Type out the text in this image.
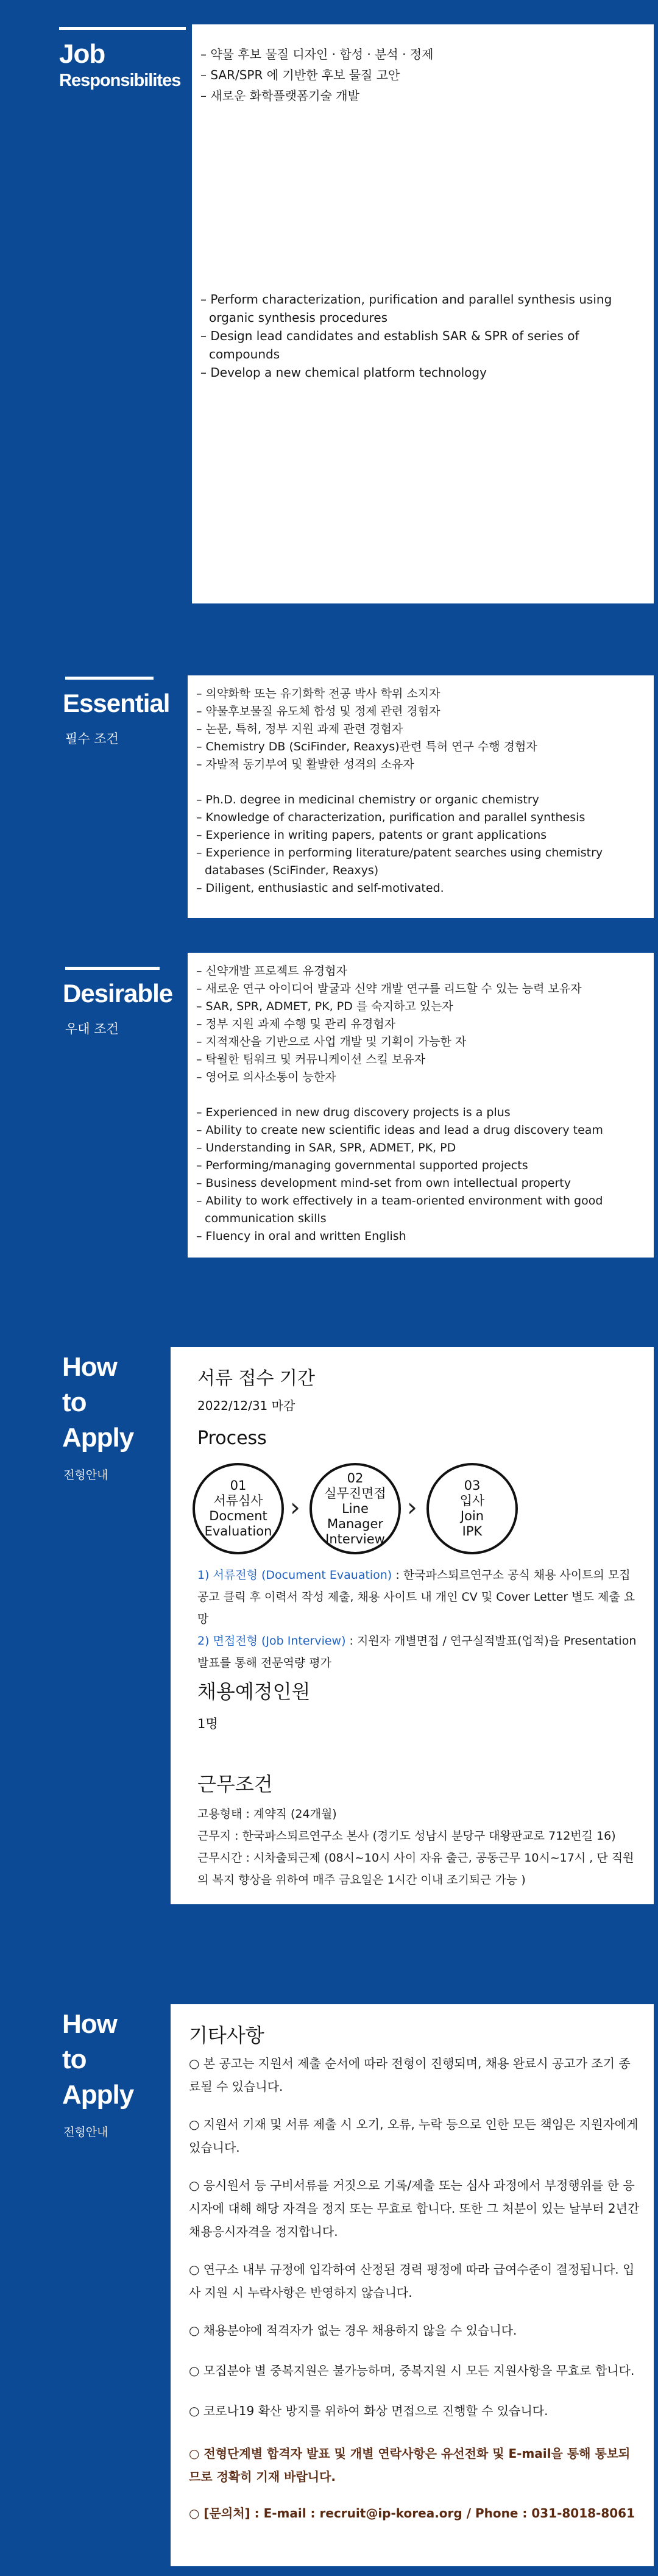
Job
Responsibilites
– 약물 후보 물질 디자인 · 합성 · 분석 · 정제
– SAR/SPR 에 기반한 후보 물질 고안
– 새로운 화학플랫폼기술 개발
– Perform characterization, purification and parallel synthesis using organic synthesis procedures
– Design lead candidates and establish SAR & SPR of series of compounds
– Develop a new chemical platform technology
Essential
필수 조건
– 의약화학 또는 유기화학 전공 박사 학위 소지자
– 약물후보물질 유도체 합성 및 정제 관련 경험자
– 논문, 특허, 정부 지원 과제 관련 경험자
– Chemistry DB (SciFinder, Reaxys)관련 특허 연구 수행 경험자
– 자발적 동기부여 및 활발한 성격의 소유자
– Ph.D. degree in medicinal chemistry or organic chemistry
– Knowledge of characterization, purification and parallel synthesis
– Experience in writing papers, patents or grant applications
– Experience in performing literature/patent searches using chemistry databases (SciFinder, Reaxys)
– Diligent, enthusiastic and self-motivated.
Desirable
우대 조건
– 신약개발 프로젝트 유경험자
– 새로운 연구 아이디어 발굴과 신약 개발 연구를 리드할 수 있는 능력 보유자
– SAR, SPR, ADMET, PK, PD 를 숙지하고 있는자
– 정부 지원 과제 수행 및 관리 유경험자
– 지적재산을 기반으로 사업 개발 및 기획이 가능한 자
– 탁월한 팀워크 및 커뮤니케이션 스킬 보유자
– 영어로 의사소통이 능한자
– Experienced in new drug discovery projects is a plus
– Ability to create new scientific ideas and lead a drug discovery team
– Understanding in SAR, SPR, ADMET, PK, PD
– Performing/managing governmental supported projects
– Business development mind-set from own intellectual property
– Ability to work effectively in a team-oriented environment with good communication skills
– Fluency in oral and written English
How
to
Apply
전형안내
서류 접수 기간
2022/12/31 마감
Process
01
서류심사
Docment
Evaluation
›
02
실무진면접
Line Manager
Interview
›
03
입사
Join
IPK

1) 서류전형 (Document Evauation) : 한국파스퇴르연구소 공식 채용 사이트의 모집 공고 클릭 후 이력서 작성 제출, 채용 사이트 내 개인 CV 및 Cover Letter 별도 제출 요망

2) 면접전형 (Job Interview) : 지원자 개별면접 / 연구실적발표(업적)을 Presentation 발표를 통해 전문역량 평가

채용예정인원
1명
근무조건

고용형태 : 계약직 (24개월)

근무지 : 한국파스퇴르연구소 본사 (경기도 성남시 분당구 대왕판교로 712번길 16)

근무시간 : 시차출퇴근제 (08시~10시 사이 자유 출근, 공동근무 10시~17시 , 단 직원의 복지 향상을 위하여 매주 금요일은 1시간 이내 조기퇴근 가능 )

How
to
Apply
전형안내
기타사항

○ 본 공고는 지원서 제출 순서에 따라 전형이 진행되며, 채용 완료시 공고가 조기 종료될 수 있습니다.

○ 지원서 기재 및 서류 제출 시 오기, 오류, 누락 등으로 인한 모든 책임은 지원자에게 있습니다.

○ 응시원서 등 구비서류를 거짓으로 기록/제출 또는 심사 과정에서 부정행위를 한 응시자에 대해 해당 자격을 정지 또는 무효로 합니다. 또한 그 처분이 있는 날부터 2년간 채용응시자격을 정지합니다.

○ 연구소 내부 규정에 입각하여 산정된 경력 평정에 따라 급여수준이 결정됩니다. 입사 지원 시 누락사항은 반영하지 않습니다.

○ 채용분야에 적격자가 없는 경우 채용하지 않을 수 있습니다.

○ 모집분야 별 중복지원은 불가능하며, 중복지원 시 모든 지원사항을 무효로 합니다.

○ 코로나19 확산 방지를 위하여 화상 면접으로 진행할 수 있습니다.

○ 전형단계별 합격자 발표 및 개별 연락사항은 유선전화 및 E-mail을 통해 통보되므로 정확히 기재 바랍니다.

○ [문의처] : E-mail : recruit@ip-korea.org / Phone : 031-8018-8061
